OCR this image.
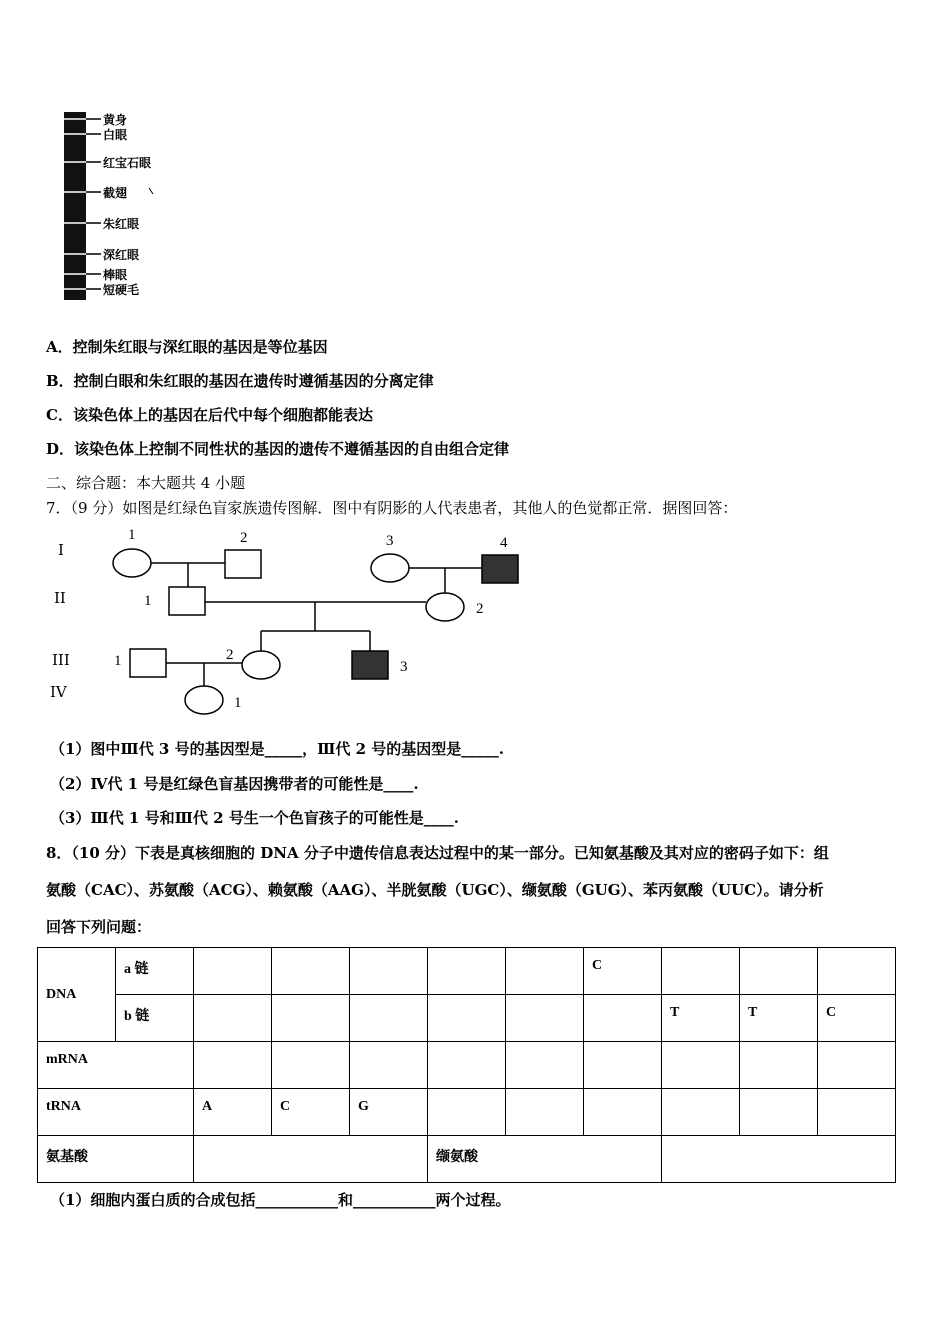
黄身
白眼
红宝石眼
截翅
朱红眼
深红眼
棒眼
短硬毛
A．控制朱红眼与深红眼的基因是等位基因
B．控制白眼和朱红眼的基因在遗传时遵循基因的分离定律
C．该染色体上的基因在后代中每个细胞都能表达
D．该染色体上控制不同性状的基因的遗传不遵循基因的自由组合定律
二、综合题：本大题共 4 小题
7．（9 分）如图是红绿色盲家族遗传图解．图中有阴影的人代表患者，其他人的色觉都正常．据图回答：
I
II
III
IV
1	2	3	4
1	2
1	2
3
1
（1）图中Ⅲ代 3 号的基因型是_____，Ⅲ代 2 号的基因型是_____.
（2）Ⅳ代 1 号是红绿色盲基因携带者的可能性是____.
（3）Ⅲ代 1 号和Ⅲ代 2 号生一个色盲孩子的可能性是____.
8．（10 分）下表是真核细胞的 DNA 分子中遗传信息表达过程中的某一部分。已知氨基酸及其对应的密码子如下：组
氨酸（CAC）、苏氨酸（ACG）、赖氨酸（AAG）、半胱氨酸（UGC）、缬氨酸（GUG）、苯丙氨酸（UUC）。请分析
回答下列问题：
DNA	a 链						C			

	b 链							T	T	C

mRNA										

tRNA		A	C	G						

氨基酸					缬氨酸					

（1）细胞内蛋白质的合成包括___________和___________两个过程。
